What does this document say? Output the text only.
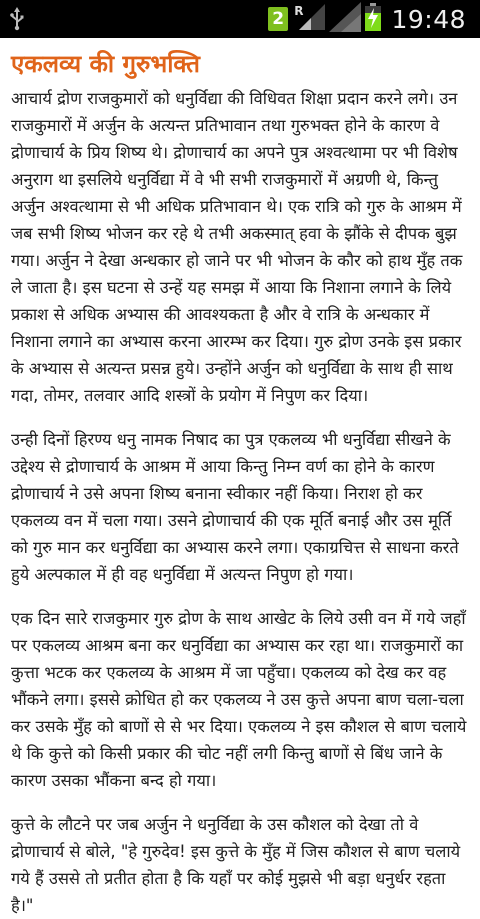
2 R	19:48
एकलव्य की गुरुभक्ति

आचार्य द्रोण राजकुमारों को धनुर्विद्या की विधिवत शिक्षा प्रदान करने लगे। उन राजकुमारों में अर्जुन के अत्यन्त प्रतिभावान तथा गुरुभक्त होने के कारण वे द्रोणाचार्य के प्रिय शिष्य थे। द्रोणाचार्य का अपने पुत्र अश्वत्थामा पर भी विशेष अनुराग था इसलिये धनुर्विद्या में वे भी सभी राजकुमारों में अग्रणी थे, किन्तु अर्जुन अश्वत्थामा से भी अधिक प्रतिभावान थे। एक रात्रि को गुरु के आश्रम में जब सभी शिष्य भोजन कर रहे थे तभी अकस्मात् हवा के झौंके से दीपक बुझ गया। अर्जुन ने देखा अन्धकार हो जाने पर भी भोजन के कौर को हाथ मुँह तक ले जाता है। इस घटना से उन्हें यह समझ में आया कि निशाना लगाने के लिये प्रकाश से अधिक अभ्यास की आवश्यकता है और वे रात्रि के अन्धकार में निशाना लगाने का अभ्यास करना आरम्भ कर दिया। गुरु द्रोण उनके इस प्रकार के अभ्यास से अत्यन्त प्रसन्न हुये। उन्होंने अर्जुन को धनुर्विद्या के साथ ही साथ गदा, तोमर, तलवार आदि शस्त्रों के प्रयोग में निपुण कर दिया।

उन्ही दिनों हिरण्य धनु नामक निषाद का पुत्र एकलव्य भी धनुर्विद्या सीखने के उद्देश्य से द्रोणाचार्य के आश्रम में आया किन्तु निम्न वर्ण का होने के कारण द्रोणाचार्य ने उसे अपना शिष्य बनाना स्वीकार नहीं किया। निराश हो कर एकलव्य वन में चला गया। उसने द्रोणाचार्य की एक मूर्ति बनाई और उस मूर्ति को गुरु मान कर धनुर्विद्या का अभ्यास करने लगा। एकाग्रचित्त से साधना करते हुये अल्पकाल में ही वह धनुर्विद्या में अत्यन्त निपुण हो गया।

एक दिन सारे राजकुमार गुरु द्रोण के साथ आखेट के लिये उसी वन में गये जहाँ पर एकलव्य आश्रम बना कर धनुर्विद्या का अभ्यास कर रहा था। राजकुमारों का कुत्ता भटक कर एकलव्य के आश्रम में जा पहुँचा। एकलव्य को देख कर वह भौंकने लगा। इससे क्रोधित हो कर एकलव्य ने उस कुत्ते अपना बाण चला-चला कर उसके मुँह को बाणों से से भर दिया। एकलव्य ने इस कौशल से बाण चलाये थे कि कुत्ते को किसी प्रकार की चोट नहीं लगी किन्तु बाणों से बिंध जाने के कारण उसका भौंकना बन्द हो गया।

कुत्ते के लौटने पर जब अर्जुन ने धनुर्विद्या के उस कौशल को देखा तो वे द्रोणाचार्य से बोले, "हे गुरुदेव! इस कुत्ते के मुँह में जिस कौशल से बाण चलाये गये हैं उससे तो प्रतीत होता है कि यहाँ पर कोई मुझसे भी बड़ा धनुर्धर रहता है।"
